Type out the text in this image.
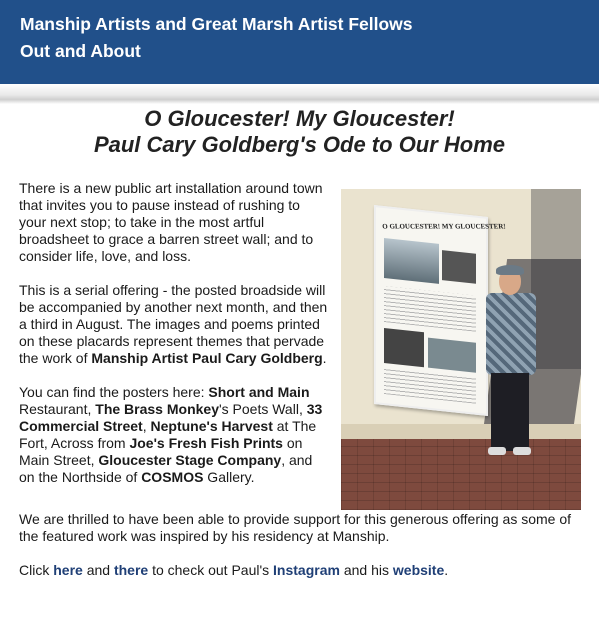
Manship Artists and Great Marsh Artist Fellows
Out and About
O Gloucester! My Gloucester!
Paul Cary Goldberg's Ode to Our Home
O GLOUCESTER! MY GLOUCESTER!

There is a new public art installation around town that invites you to pause instead of rushing to your next stop; to take in the most artful broadsheet to grace a barren street wall; and to consider life, love, and loss.

This is a serial offering - the posted broadside will be accompanied by another next month, and then a third in August. The images and poems printed on these placards represent themes that pervade the work of Manship Artist Paul Cary Goldberg.

You can find the posters here: Short and Main Restaurant, The Brass Monkey's Poets Wall, 33 Commercial Street, Neptune's Harvest at The Fort, Across from Joe's Fresh Fish Prints on Main Street, Gloucester Stage Company, and on the Northside of COSMOS Gallery.

We are thrilled to have been able to provide support for this generous offering as some of the featured work was inspired by his residency at Manship.

Click here and there to check out Paul's Instagram and his website.
